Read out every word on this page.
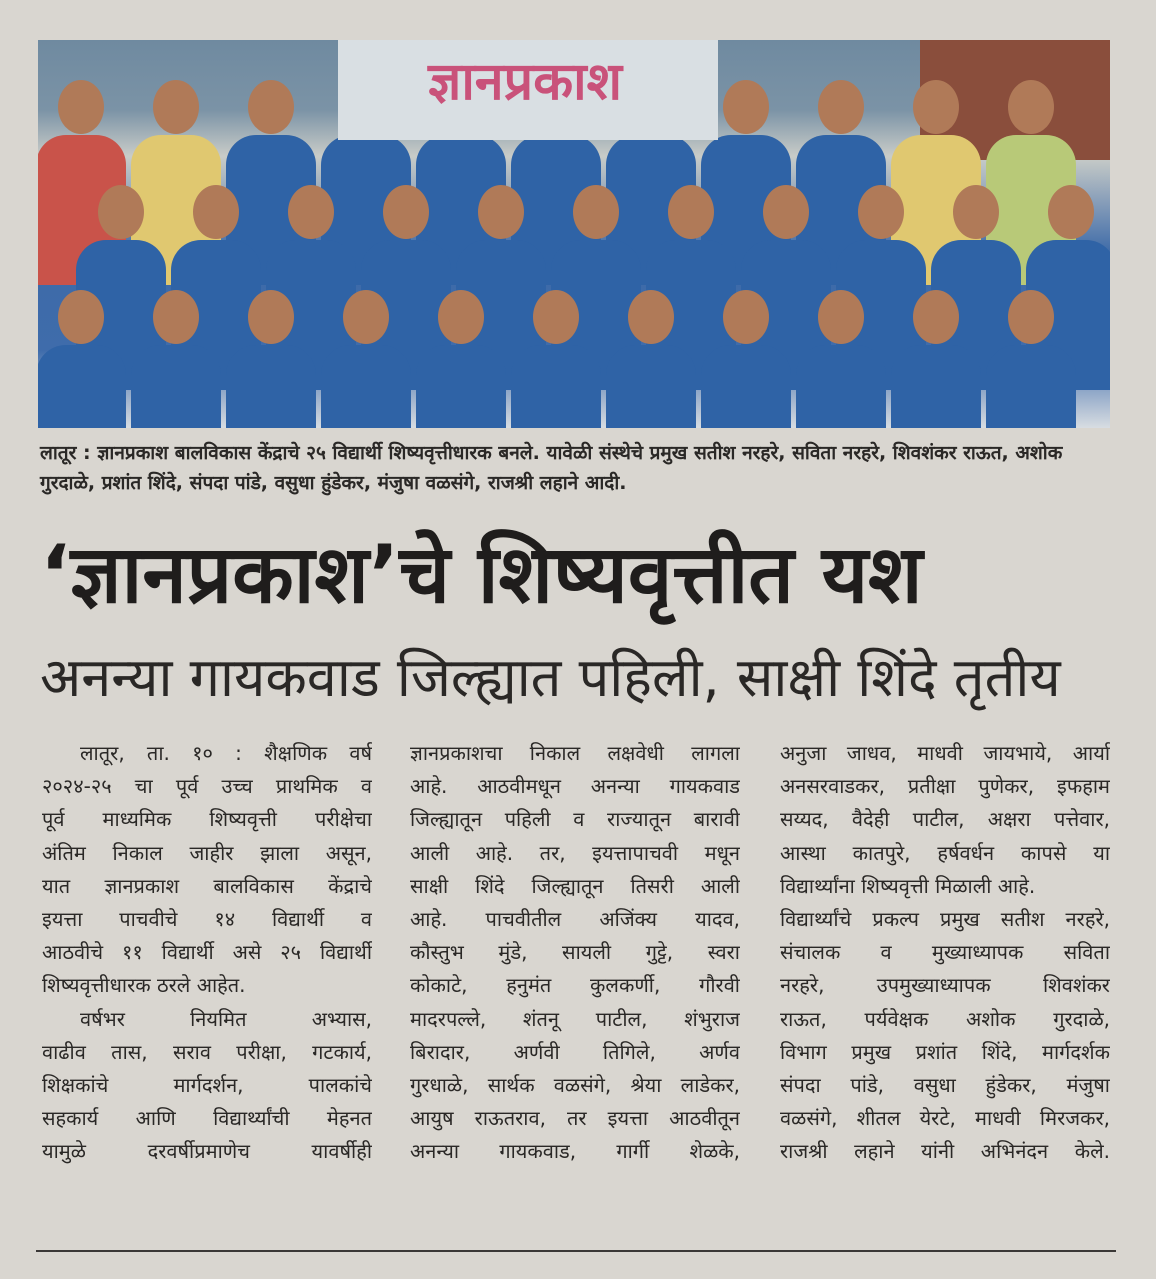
ज्ञानप्रकाश
लातूर : ज्ञानप्रकाश बालविकास केंद्राचे २५ विद्यार्थी शिष्यवृत्तीधारक बनले. यावेळी संस्थेचे प्रमुख सतीश नरहरे, सविता नरहरे, शिवशंकर राऊत, अशोक गुरदाळे, प्रशांत शिंदे, संपदा पांडे, वसुधा हुंडेकर, मंजुषा वळसंगे, राजश्री लहाने आदी.
‘ज्ञानप्रकाश’चे शिष्यवृत्तीत यश
अनन्या गायकवाड जिल्ह्यात पहिली, साक्षी शिंदे तृतीय
लातूर, ता. १० : शैक्षणिक वर्ष
२०२४-२५ चा पूर्व उच्च प्राथमिक व
पूर्व माध्यमिक शिष्यवृत्ती परीक्षेचा
अंतिम निकाल जाहीर झाला असून,
यात ज्ञानप्रकाश बालविकास केंद्राचे
इयत्ता पाचवीचे १४ विद्यार्थी व
आठवीचे ११ विद्यार्थी असे २५ विद्यार्थी
शिष्यवृत्तीधारक ठरले आहेत.
वर्षभर नियमित अभ्यास,
वाढीव तास, सराव परीक्षा, गटकार्य,
शिक्षकांचे मार्गदर्शन, पालकांचे
सहकार्य आणि विद्यार्थ्यांची मेहनत
यामुळे दरवर्षीप्रमाणेच यावर्षीही
ज्ञानप्रकाशचा निकाल लक्षवेधी लागला
आहे. आठवीमधून अनन्या गायकवाड
जिल्ह्यातून पहिली व राज्यातून बारावी
आली आहे. तर, इयत्तापाचवी मधून
साक्षी शिंदे जिल्ह्यातून तिसरी आली
आहे. पाचवीतील अजिंक्य यादव,
कौस्तुभ मुंडे, सायली गुट्टे, स्वरा
कोकाटे, हनुमंत कुलकर्णी, गौरवी
मादरपल्ले, शंतनू पाटील, शंभुराज
बिरादार, अर्णवी तिगिले, अर्णव
गुरधाळे, सार्थक वळसंगे, श्रेया लाडेकर,
आयुष राऊतराव, तर इयत्ता आठवीतून
अनन्या गायकवाड, गार्गी शेळके,
अनुजा जाधव, माधवी जायभाये, आर्या
अनसरवाडकर, प्रतीक्षा पुणेकर, इफहाम
सय्यद, वैदेही पाटील, अक्षरा पत्तेवार,
आस्था कातपुरे, हर्षवर्धन कापसे या
विद्यार्थ्यांना शिष्यवृत्ती मिळाली आहे.
विद्यार्थ्यांचे प्रकल्प प्रमुख सतीश नरहरे,
संचालक व मुख्याध्यापक सविता
नरहरे, उपमुख्याध्यापक शिवशंकर
राऊत, पर्यवेक्षक अशोक गुरदाळे,
विभाग प्रमुख प्रशांत शिंदे, मार्गदर्शक
संपदा पांडे, वसुधा हुंडेकर, मंजुषा
वळसंगे, शीतल येरटे, माधवी मिरजकर,
राजश्री लहाने यांनी अभिनंदन केले.
